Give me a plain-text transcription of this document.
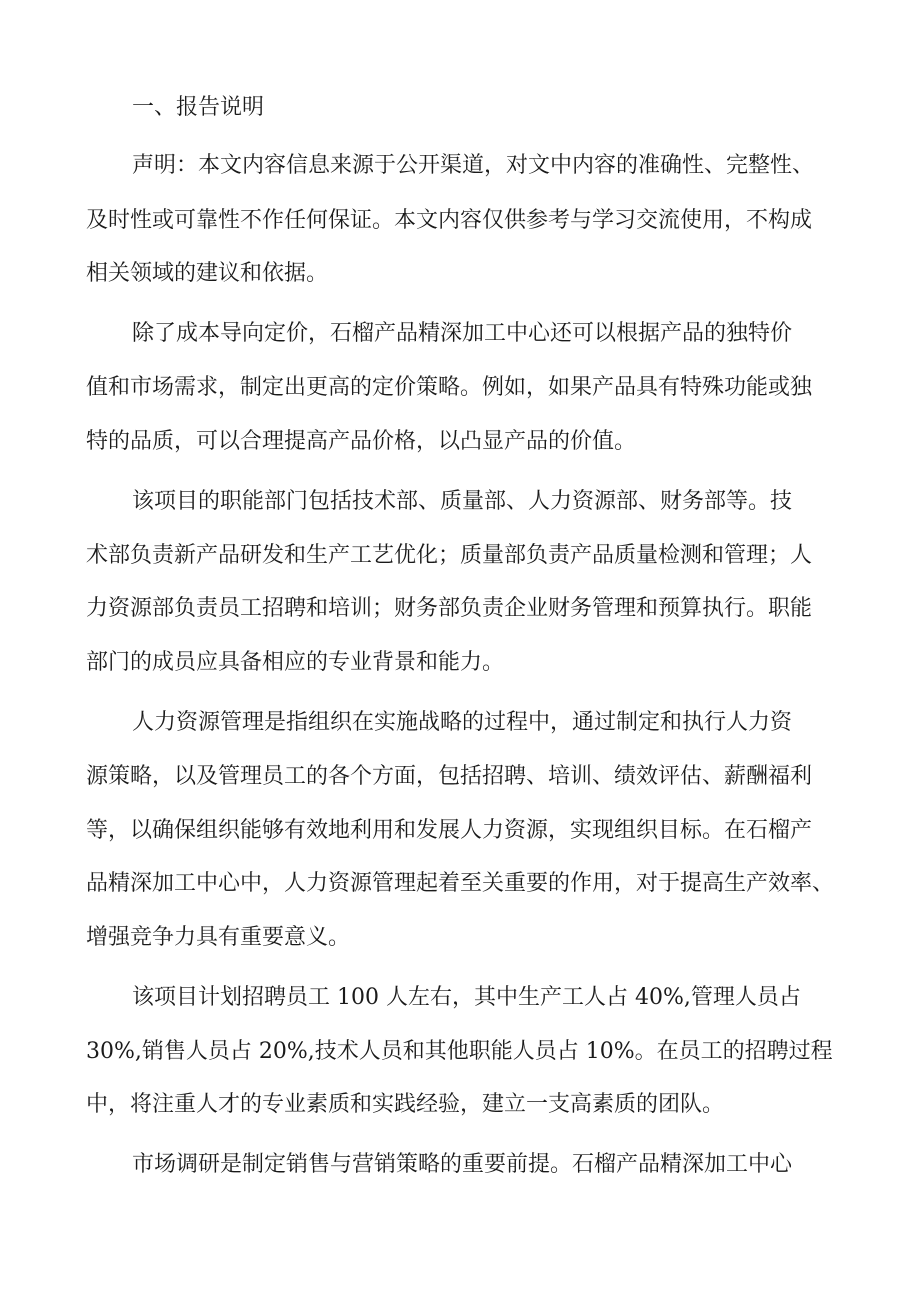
一、报告说明
声明：本文内容信息来源于公开渠道，对文中内容的准确性、完整性、
及时性或可靠性不作任何保证。本文内容仅供参考与学习交流使用，不构成
相关领域的建议和依据。
除了成本导向定价，石榴产品精深加工中心还可以根据产品的独特价
值和市场需求，制定出更高的定价策略。例如，如果产品具有特殊功能或独
特的品质，可以合理提高产品价格，以凸显产品的价值。
该项目的职能部门包括技术部、质量部、人力资源部、财务部等。技
术部负责新产品研发和生产工艺优化；质量部负责产品质量检测和管理；人
力资源部负责员工招聘和培训；财务部负责企业财务管理和预算执行。职能
部门的成员应具备相应的专业背景和能力。
人力资源管理是指组织在实施战略的过程中，通过制定和执行人力资
源策略，以及管理员工的各个方面，包括招聘、培训、绩效评估、薪酬福利
等，以确保组织能够有效地利用和发展人力资源，实现组织目标。在石榴产
品精深加工中心中，人力资源管理起着至关重要的作用，对于提高生产效率、
增强竞争力具有重要意义。
该项目计划招聘员工 100 人左右，其中生产工人占 40%,管理人员占
30%,销售人员占 20%,技术人员和其他职能人员占 10%。在员工的招聘过程
中，将注重人才的专业素质和实践经验，建立一支高素质的团队。
市场调研是制定销售与营销策略的重要前提。石榴产品精深加工中心
